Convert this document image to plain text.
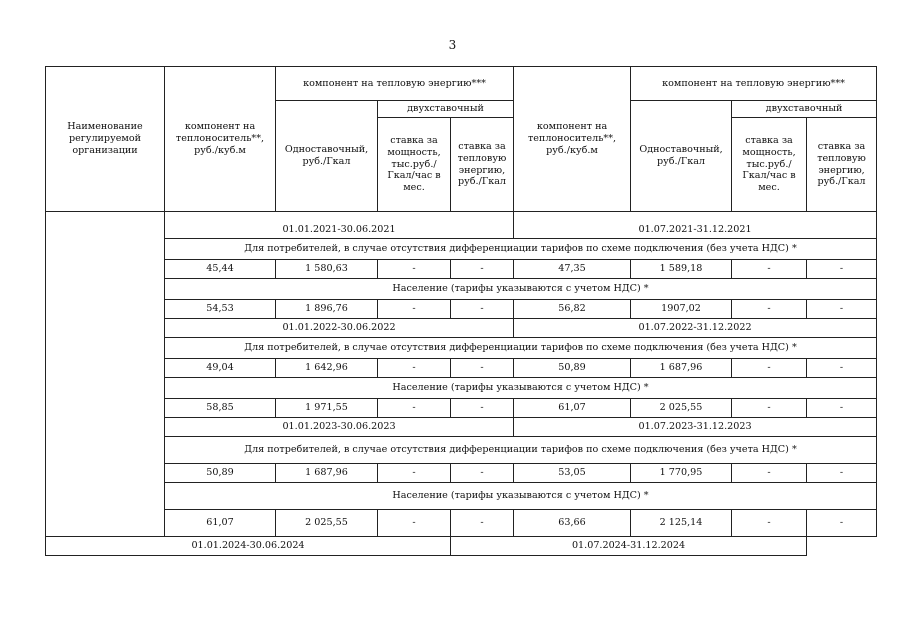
3
Наименование регулируемой организации	компонент на теплоноситель**, руб./куб.м	компонент на тепловую энергию***			компонент на теплоноситель**, руб./куб.м	компонент на тепловую энергию***		
		Одноставочный, руб./Гкал	двухставочный			Одноставочный, руб./Гкал	двухставочный	
			ставка за мощность, тыс.руб./ Гкал/час в мес.	ставка за тепловую энергию, руб./Гкал			ставка за мощность, тыс.руб./ Гкал/час в мес.	ставка за тепловую энергию, руб./Гкал
	01.01.2021-30.06.2021				01.07.2021-31.12.2021			
	Для потребителей, в случае отсутствия дифференциации тарифов по схеме подключения (без учета НДС) *							
	45,44	1 580,63	-	-	47,35	1 589,18	-	-
	Население (тарифы указываются с учетом НДС) *							
	54,53	1 896,76	-	-	56,82	1907,02	-	-
	01.01.2022-30.06.2022				01.07.2022-31.12.2022			
	Для потребителей, в случае отсутствия дифференциации тарифов по схеме подключения (без учета НДС) *							
	49,04	1 642,96	-	-	50,89	1 687,96	-	-
	Население (тарифы указываются с учетом НДС) *							
	58,85	1 971,55	-	-	61,07	2 025,55	-	-
	01.01.2023-30.06.2023				01.07.2023-31.12.2023			
	Для потребителей, в случае отсутствия дифференциации тарифов по схеме подключения (без учета НДС) *							
	50,89	1 687,96	-	-	53,05	1 770,95	-	-
	Население (тарифы указываются с учетом НДС) *							
	61,07	2 025,55	-	-	63,66	2 125,14	-	-
01.01.2024-30.06.2024				01.07.2024-31.12.2024				
